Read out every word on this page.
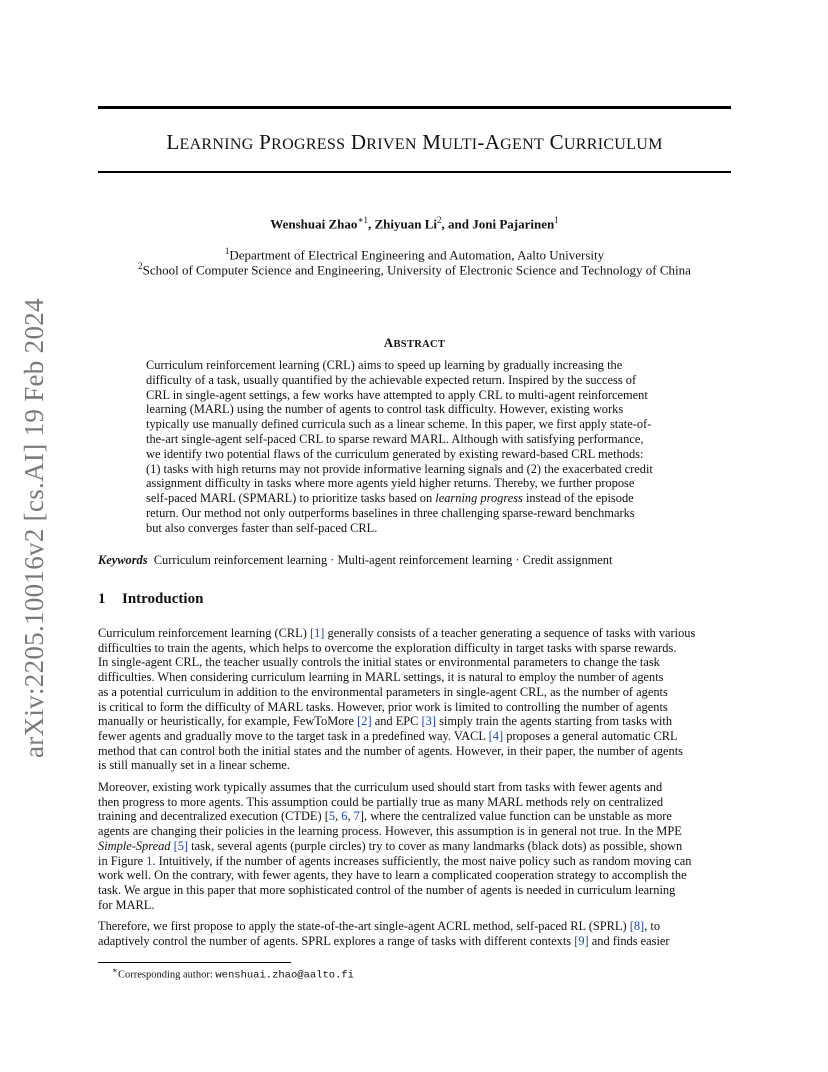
arXiv:2205.10016v2 [cs.AI] 19 Feb 2024
LEARNING PROGRESS DRIVEN MULTI-AGENT CURRICULUM
Wenshuai Zhao$^{∗1}$, Zhiyuan Li$^2$, and Joni Pajarinen$^1$
$^1$Department of Electrical Engineering and Automation, Aalto University
$^2$School of Computer Science and Engineering, University of Electronic Science and Technology of China
ABSTRACT
Curriculum reinforcement learning (CRL) aims to speed up learning by gradually increasing the
difficulty of a task, usually quantified by the achievable expected return. Inspired by the success of
CRL in single-agent settings, a few works have attempted to apply CRL to multi-agent reinforcement
learning (MARL) using the number of agents to control task difficulty. However, existing works
typically use manually defined curricula such as a linear scheme. In this paper, we first apply state-of-
the-art single-agent self-paced CRL to sparse reward MARL. Although with satisfying performance,
we identify two potential flaws of the curriculum generated by existing reward-based CRL methods:
(1) tasks with high returns may not provide informative learning signals and (2) the exacerbated credit
assignment difficulty in tasks where more agents yield higher returns. Thereby, we further propose
self-paced MARL (SPMARL) to prioritize tasks based on learning progress instead of the episode
return. Our method not only outperforms baselines in three challenging sparse-reward benchmarks
but also converges faster than self-paced CRL.
Keywords Curriculum reinforcement learning · Multi-agent reinforcement learning · Credit assignment
1 Introduction
Curriculum reinforcement learning (CRL) [1] generally consists of a teacher generating a sequence of tasks with various
difficulties to train the agents, which helps to overcome the exploration difficulty in target tasks with sparse rewards.
In single-agent CRL, the teacher usually controls the initial states or environmental parameters to change the task
difficulties. When considering curriculum learning in MARL settings, it is natural to employ the number of agents
as a potential curriculum in addition to the environmental parameters in single-agent CRL, as the number of agents
is critical to form the difficulty of MARL tasks. However, prior work is limited to controlling the number of agents
manually or heuristically, for example, FewToMore [2] and EPC [3] simply train the agents starting from tasks with
fewer agents and gradually move to the target task in a predefined way. VACL [4] proposes a general automatic CRL
method that can control both the initial states and the number of agents. However, in their paper, the number of agents
is still manually set in a linear scheme.
Moreover, existing work typically assumes that the curriculum used should start from tasks with fewer agents and
then progress to more agents. This assumption could be partially true as many MARL methods rely on centralized
training and decentralized execution (CTDE) [5, 6, 7], where the centralized value function can be unstable as more
agents are changing their policies in the learning process. However, this assumption is in general not true. In the MPE
Simple-Spread [5] task, several agents (purple circles) try to cover as many landmarks (black dots) as possible, shown
in Figure 1. Intuitively, if the number of agents increases sufficiently, the most naive policy such as random moving can
work well. On the contrary, with fewer agents, they have to learn a complicated cooperation strategy to accomplish the
task. We argue in this paper that more sophisticated control of the number of agents is needed in curriculum learning
for MARL.
Therefore, we first propose to apply the state-of-the-art single-agent ACRL method, self-paced RL (SPRL) [8], to
adaptively control the number of agents. SPRL explores a range of tasks with different contexts [9] and finds easier
∗Corresponding author: wenshuai.zhao@aalto.fi
